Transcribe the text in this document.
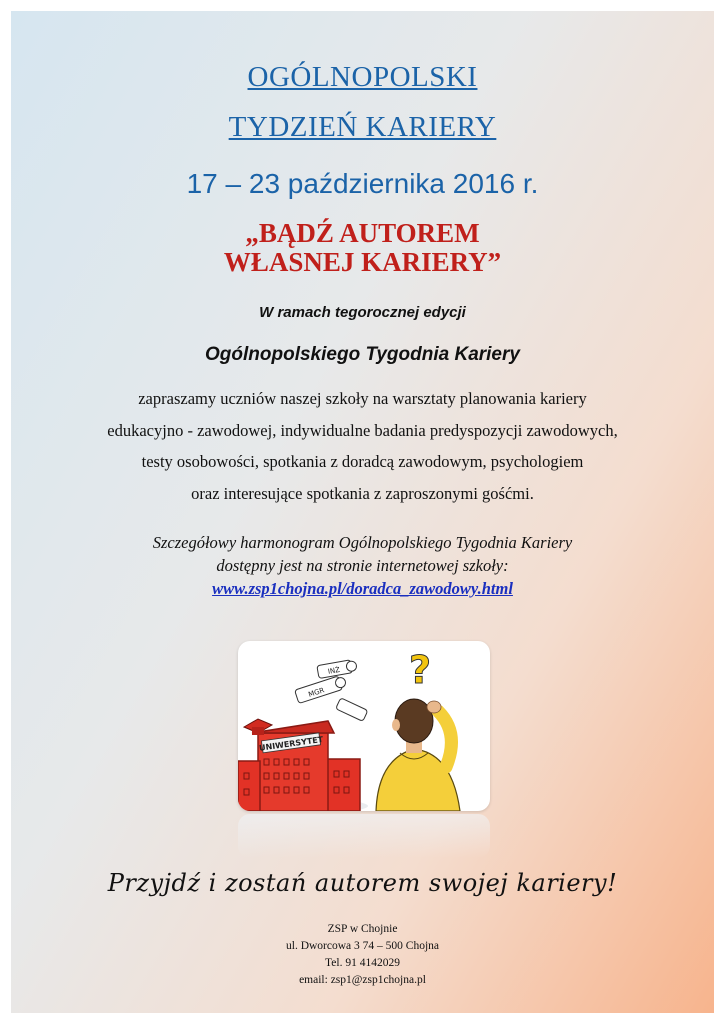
OGÓLNOPOLSKI
TYDZIEŃ KARIERY
17 – 23 października 2016 r.
„BĄDŹ AUTOREM
WŁASNEJ KARIERY”
W ramach tegorocznej edycji
Ogólnopolskiego Tygodnia Kariery
zapraszamy uczniów naszej szkoły na warsztaty planowania kariery
edukacyjno - zawodowej, indywidualne badania predyspozycji zawodowych,
testy osobowości, spotkania z doradcą zawodowym, psychologiem
oraz interesujące spotkania z zaproszonymi gośćmi.
Szczegółowy harmonogram Ogólnopolskiego Tygodnia Kariery
dostępny jest na stronie internetowej szkoły:
www.zsp1chojna.pl/doradca_zawodowy.html
UNIWERSYTET
MGR
INŻ ?
Przyjdź i zostań autorem swojej kariery!
ZSP w Chojnie
ul. Dworcowa 3 74 – 500 Chojna
Tel. 91 4142029
email: zsp1@zsp1chojna.pl
